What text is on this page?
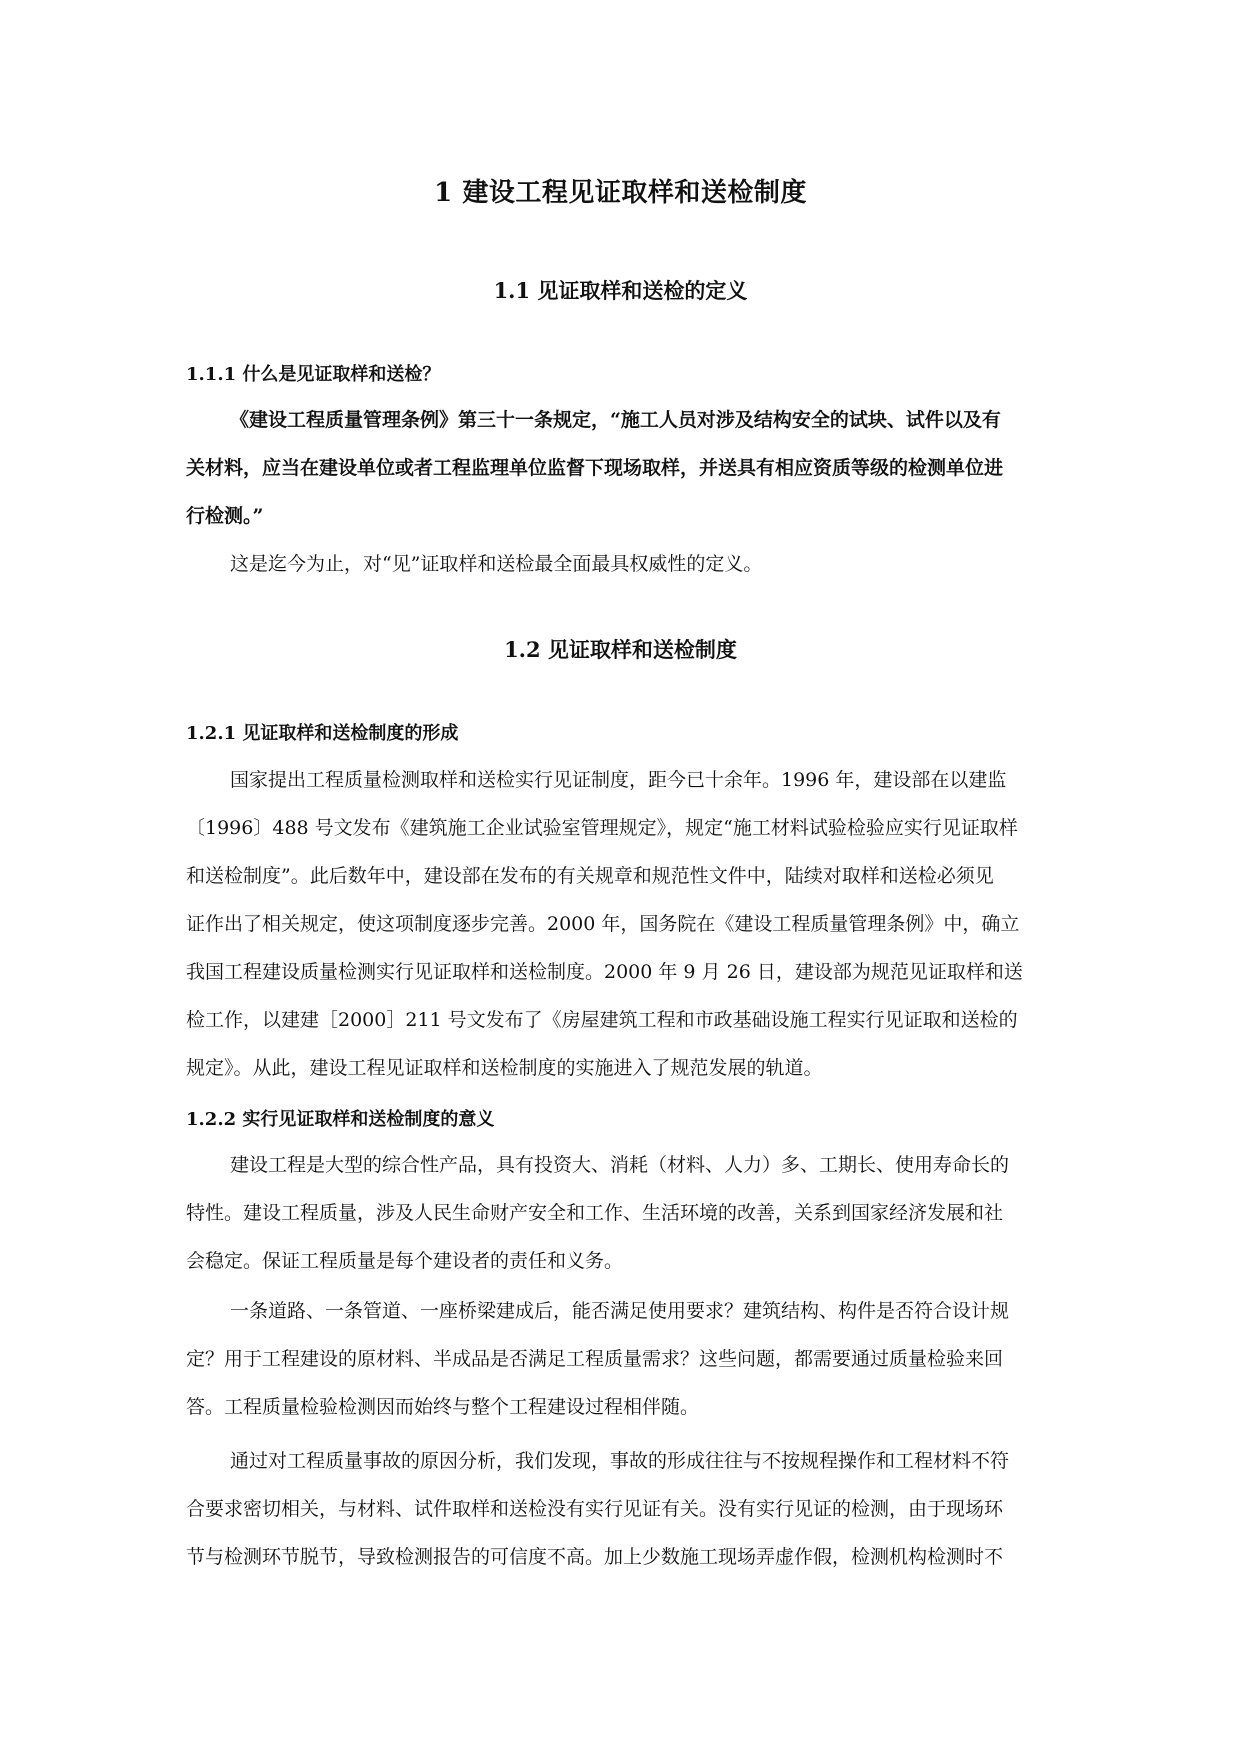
1 建设工程见证取样和送检制度
1.1 见证取样和送检的定义
1.1.1 什么是见证取样和送检？
《建设工程质量管理条例》第三十一条规定，“施工人员对涉及结构安全的试块、试件以及有
关材料，应当在建设单位或者工程监理单位监督下现场取样，并送具有相应资质等级的检测单位进
行检测。”
这是迄今为止，对“见”证取样和送检最全面最具权威性的定义。
1.2 见证取样和送检制度
1.2.1 见证取样和送检制度的形成
国家提出工程质量检测取样和送检实行见证制度，距今已十余年。1996 年，建设部在以建监
〔1996〕488 号文发布《建筑施工企业试验室管理规定》，规定“施工材料试验检验应实行见证取样
和送检制度”。此后数年中，建设部在发布的有关规章和规范性文件中，陆续对取样和送检必须见
证作出了相关规定，使这项制度逐步完善。2000 年，国务院在《建设工程质量管理条例》中，确立
我国工程建设质量检测实行见证取样和送检制度。2000 年 9 月 26 日，建设部为规范见证取样和送
检工作，以建建［2000］211 号文发布了《房屋建筑工程和市政基础设施工程实行见证取和送检的
规定》。从此，建设工程见证取样和送检制度的实施进入了规范发展的轨道。
1.2.2 实行见证取样和送检制度的意义
建设工程是大型的综合性产品，具有投资大、消耗（材料、人力）多、工期长、使用寿命长的
特性。建设工程质量，涉及人民生命财产安全和工作、生活环境的改善，关系到国家经济发展和社
会稳定。保证工程质量是每个建设者的责任和义务。
一条道路、一条管道、一座桥梁建成后，能否满足使用要求？建筑结构、构件是否符合设计规
定？用于工程建设的原材料、半成品是否满足工程质量需求？这些问题，都需要通过质量检验来回
答。工程质量检验检测因而始终与整个工程建设过程相伴随。
通过对工程质量事故的原因分析，我们发现，事故的形成往往与不按规程操作和工程材料不符
合要求密切相关，与材料、试件取样和送检没有实行见证有关。没有实行见证的检测，由于现场环
节与检测环节脱节，导致检测报告的可信度不高。加上少数施工现场弄虚作假，检测机构检测时不
